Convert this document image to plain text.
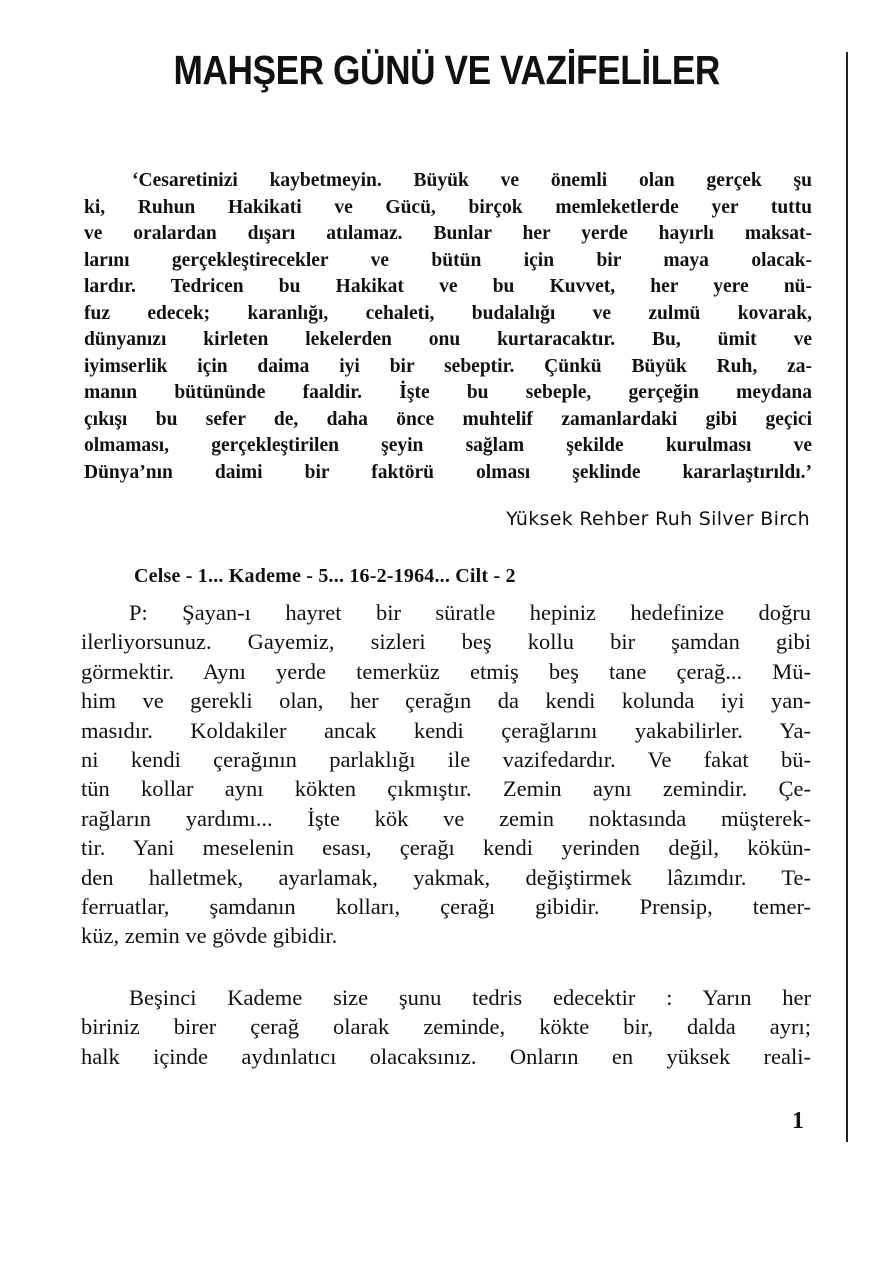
MAHŞER GÜNÜ VE VAZİFELİLER
‘Cesaretinizi kaybetmeyin. Büyük ve önemli olan gerçek şu
ki, Ruhun Hakikati ve Gücü, birçok memleketlerde yer tuttu
ve oralardan dışarı atılamaz. Bunlar her yerde hayırlı maksat-
larını gerçekleştirecekler ve bütün için bir maya olacak-
lardır. Tedricen bu Hakikat ve bu Kuvvet, her yere nü-
fuz edecek; karanlığı, cehaleti, budalalığı ve zulmü kovarak,
dünyanızı kirleten lekelerden onu kurtaracaktır. Bu, ümit ve
iyimserlik için daima iyi bir sebeptir. Çünkü Büyük Ruh, za-
manın bütününde faaldir. İşte bu sebeple, gerçeğin meydana
çıkışı bu sefer de, daha önce muhtelif zamanlardaki gibi geçici
olmaması, gerçekleştirilen şeyin sağlam şekilde kurulması ve
Dünya’nın daimi bir faktörü olması şeklinde kararlaştırıldı.’
Yüksek Rehber Ruh Silver Birch
Celse - 1... Kademe - 5... 16-2-1964... Cilt - 2
P: Şayan-ı hayret bir süratle hepiniz hedefinize doğru
ilerliyorsunuz. Gayemiz, sizleri beş kollu bir şamdan gibi
görmektir. Aynı yerde temerküz etmiş beş tane çerağ... Mü-
him ve gerekli olan, her çerağın da kendi kolunda iyi yan-
masıdır. Koldakiler ancak kendi çerağlarını yakabilirler. Ya-
ni kendi çerağının parlaklığı ile vazifedardır. Ve fakat bü-
tün kollar aynı kökten çıkmıştır. Zemin aynı zemindir. Çe-
rağların yardımı... İşte kök ve zemin noktasında müşterek-
tir. Yani meselenin esası, çerağı kendi yerinden değil, kökün-
den halletmek, ayarlamak, yakmak, değiştirmek lâzımdır. Te-
ferruatlar, şamdanın kolları, çerağı gibidir. Prensip, temer-
küz, zemin ve gövde gibidir.
Beşinci Kademe size şunu tedris edecektir : Yarın her
biriniz birer çerağ olarak zeminde, kökte bir, dalda ayrı;
halk içinde aydınlatıcı olacaksınız. Onların en yüksek reali-
1
